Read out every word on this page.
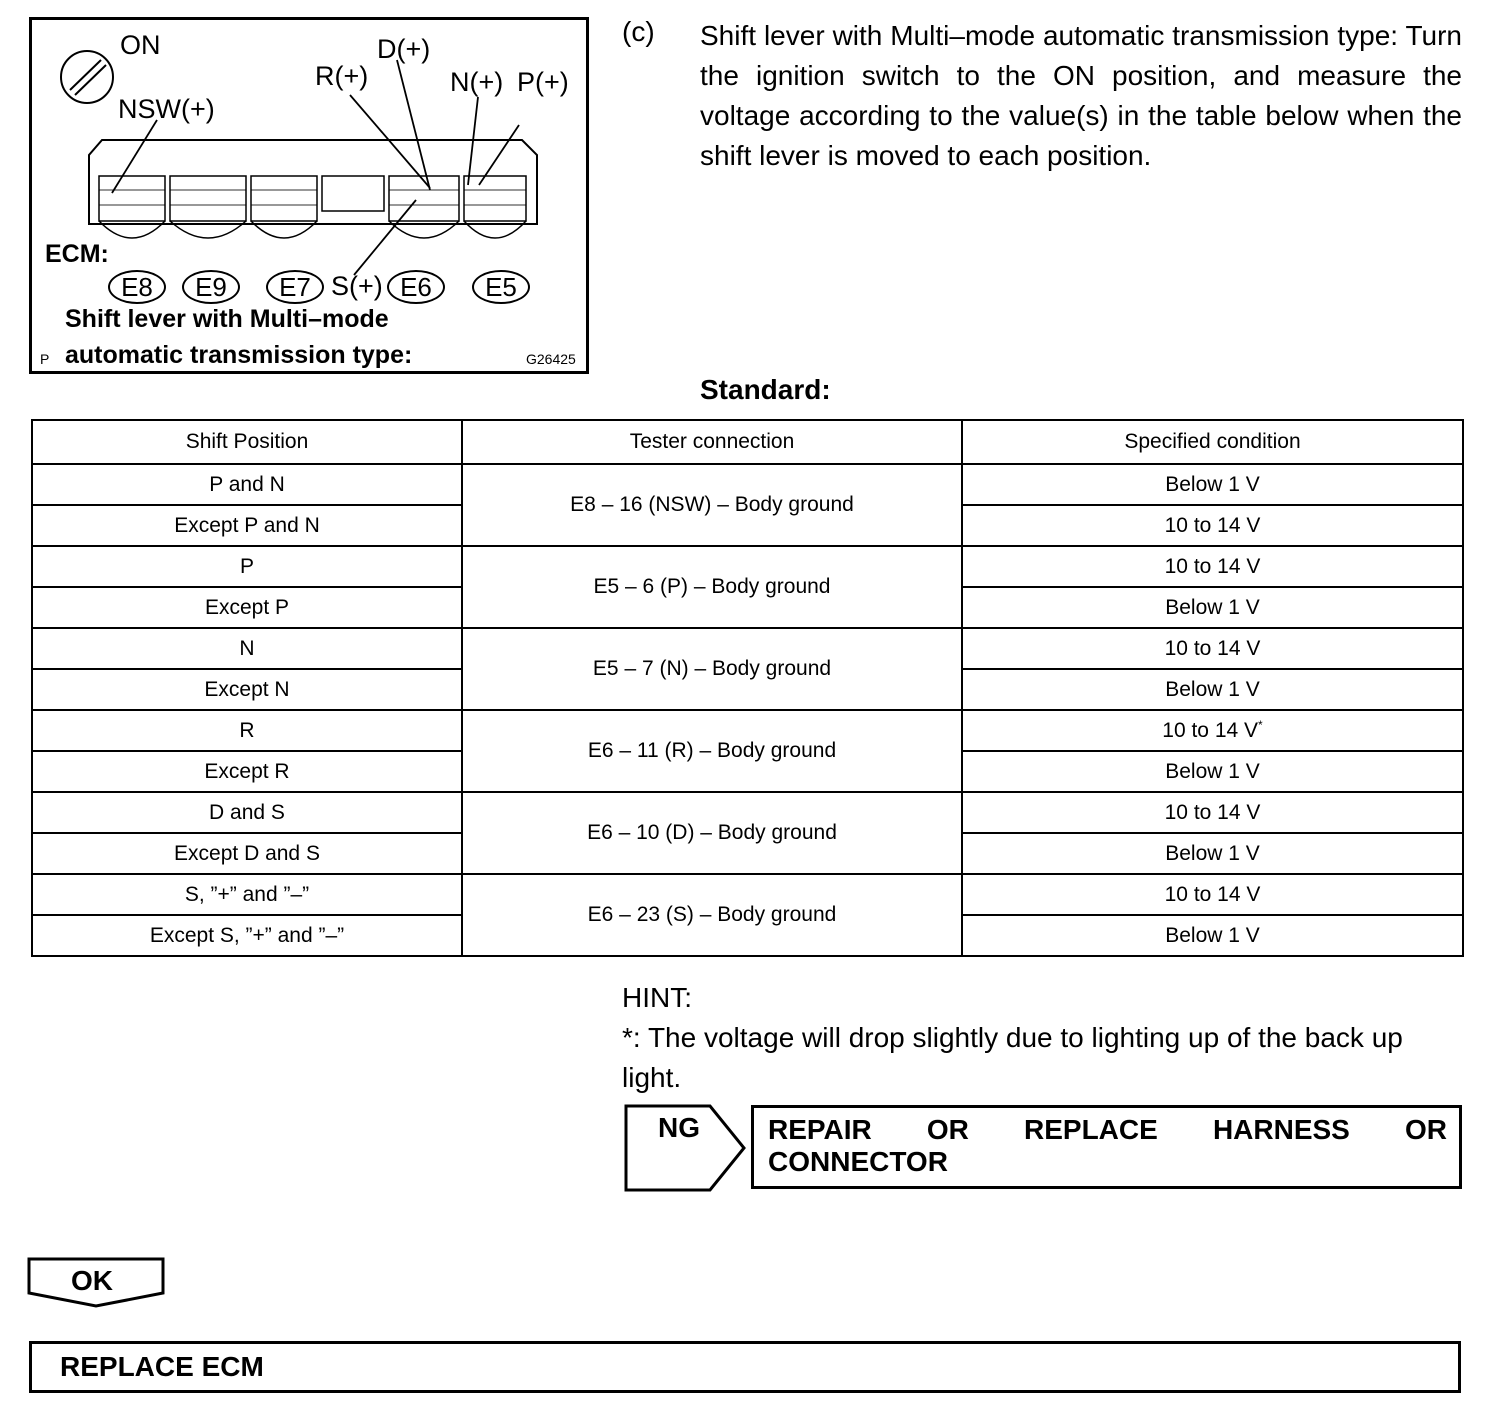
ON
NSW(+)
R(+)
D(+)
N(+) P(+)
ECM:
E8	E9	E7 S(+) E6	E5
Shift lever with Multi–mode
automatic transmission type:
P	G26425
(c) Shift lever with Multi–mode automatic transmission type: Turn the ignition switch to the ON position, and measure the voltage according to the value(s) in the table below when the shift lever is moved to each position.
Standard:
Shift Position	Tester connection	Specified condition
P and N	E8 – 16 (NSW) – Body ground	Below 1 V
Except P and N		10 to 14 V
P	E5 – 6 (P) – Body ground	10 to 14 V
Except P		Below 1 V
N	E5 – 7 (N) – Body ground	10 to 14 V
Except N		Below 1 V
R	E6 – 11 (R) – Body ground	10 to 14 V*
Except R		Below 1 V
D and S	E6 – 10 (D) – Body ground	10 to 14 V
Except D and S		Below 1 V
S, ”+” and ”–”	E6 – 23 (S) – Body ground	10 to 14 V
Except S, ”+” and ”–”		Below 1 V
HINT:
*: The voltage will drop slightly due to lighting up of the back up light.
NG REPAIR OR REPLACE HARNESS OR
CONNECTOR
OK
REPLACE ECM
